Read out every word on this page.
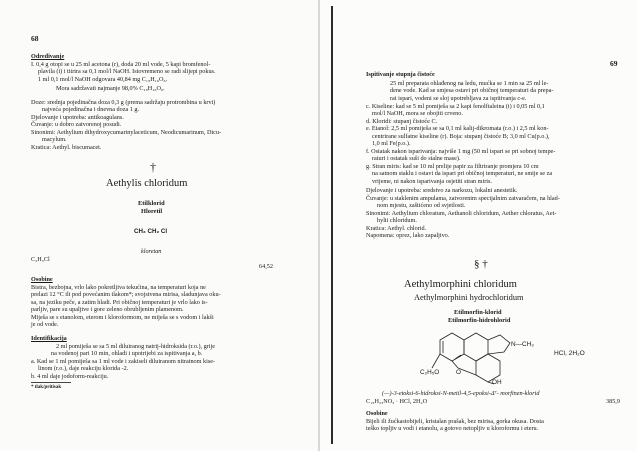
68
Određivanje
I. 0,4 g otopi se u 25 ml acetona (r), doda 20 ml vode, 5 kapi bromfenol-
plavila (i) i titrira sa 0,1 mol/l NaOH. Istovremeno se radi slijepi pokus.
1 ml 0,1 mol/l NaOH odgovara 40,84 mg C₁₉H₁₆O₆.
Mora sadržavati najmanje 98,0% C₁₉H₁₆O₆.
Doze: srednja pojedinačna doza 0,3 g (prema sadržaju protrombina u krvi)
najveća pojedinačna i dnevna doza 1 g.
Djelovanje i upotreba: antikoagulans.
Čuvanje: u dobro zatvorenoj posudi.
Sinonimi: Aethylium dihydroxycumarinylaceticum, Neodicumarinum, Dicu-
macylum.
Kratica: Aethyl. biscumacet.
†
Aethylis chloridum
Etilklorid
Hloretil
CH₃ CH₂ Cl
kloretan
C₂H₅Cl
64,52
Osobine
Bistra, bezbojna, vrlo lako pokretljiva tekućina, na temperaturi koja ne
prelazi 12 °C ili pod povećanim tlakom*; svojstvena mirisa, sladunjava oku-
sa, na jeziku peče, a zatim hladi. Pri običnoj temperaturi je vrlo lako is-
parljiv, pare su upaljive i gore zeleno obrubljenim plamenom.
Miješa se s etanolom, eterom i kloroformom, ne miješa se s vodom i lakši
je od vode.
Identifikacija
2 ml pomiješa se sa 5 ml diluiranog natrij-hidroksida (r.o.), grije
na vodenoj pari 10 min, ohladi i upotrijebi za ispitivanja a, b.
a. Kad se 1 ml pomiješa sa 1 ml vode i zakiseli diluiranom nitratnom kise-
linom (r.o.), daje reakciju klorida -2.
b. 4 ml daje jodoform-reakciju.
* tlak/pritisak
69
Ispitivanje stupnja čistoće
25 ml preparata ohlađenog na ledu, mućka se 1 min sa 25 ml le-
dene vode. Kad se smjesa ostavi pri običnoj temperaturi da prepa-
rat ispari, vodeni se sloj upotrebljava za ispitivanja c-e.
c. Kiseline: kad se 5 ml pomiješa sa 2 kapi fenolftaleina (i) i 0,05 ml 0,1
mol/l NaOH, mora se obojiti crveno.
d. Kloridi: stupanj čistoće C.
e. Etanol: 2,5 ml pomiješa se sa 0,1 ml kalij-dikromata (r.o.) i 2,5 ml kon-
centrirane sulfatne kiseline (r). Boja: stupanj čistoće B; 3,0 ml Cu(p.o.),
1,0 ml Fe(p.o.).
f. Ostatak nakon isparivanja: najviše 1 mg (50 ml ispari se pri sobnoj tempe-
raturi i ostatak suši do stalne mase).
g. Stran miris: kad se 10 ml prelije papir za filtriranje promjera 10 cm
na satnom staklu i ostavi da ispari pri običnoj temperaturi, ne smije se za
vrijeme, ni nakon isparivanja osjetiti stran miris.
Djelovanje i upotreba: sredstvo za narkozu, lokalni anestetik.
Čuvanje: u staklenim ampulama, zatvorenim specijalnim zatvaračem, na hlad-
nom mjestu, zaštićeno od svjetlosti.
Sinonimi: Aethylium chloratum, Aethanoli chloridum, Aether chloratus, Aet-
hylii chloridum.
Kratica: Aethyl. chlorid.
Napomena: oprez, lako zapaljivo.
§ †
Aethylmorphini chloridum
Aethylmorphini hydrochloridum
Etilmorfin-klorid
Etilmorfin-hidrohlorid
N—CH₃
C₂H₅O	O
OH
HCl, 2H₂O
(—)-3-etoksi-6-hidroksi-N-metil-4,5-epoksi-Δ⁷- morfinen-klorid
C₁₉H₂₃NO₃ · HCl, 2H₂O	385,9
Osobine
Bijeli ili žućkastobijeli, kristalan prašak, bez mirisa, gorka okusa. Dosta
teško topljiv u vodi i etanolu, a gotovo netopljiv u kloroformu i eteru.
